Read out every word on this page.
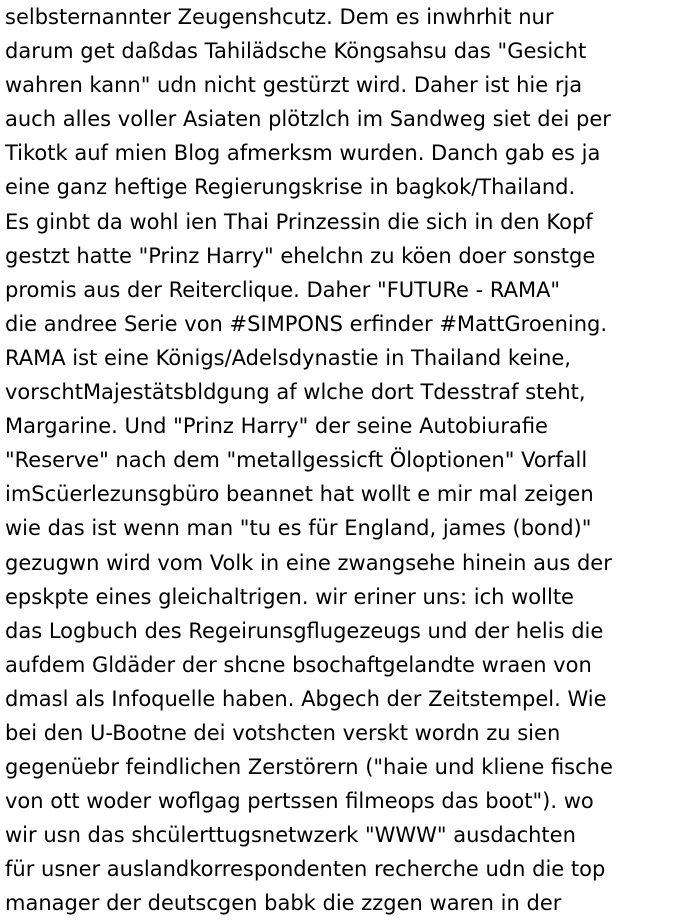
selbsternannter Zeugenshcutz. Dem es inwhrhit nur
darum get daßdas Tahilädsche Köngsahsu das "Gesicht
wahren kann" udn nicht gestürzt wird. Daher ist hie rja
auch alles voller Asiaten plötzlch im Sandweg siet dei per
Tikotk auf mien Blog afmerksm wurden. Danch gab es ja
eine ganz heftige Regierungskrise in bagkok/Thailand.
Es ginbt da wohl ien Thai Prinzessin die sich in den Kopf
gestzt hatte "Prinz Harry" ehelchn zu köen doer sonstge
promis aus der Reiterclique. Daher "FUTURe - RAMA"
die andree Serie von #SIMPONS erfinder #MattGroening.
RAMA ist eine Königs/Adelsdynastie in Thailand keine,
vorschtMajestätsbldgung af wlche dort Tdesstraf steht,
Margarine. Und "Prinz Harry" der seine Autobiurafie
"Reserve" nach dem "metallgessicft Öloptionen" Vorfall
imScüerlezunsgbüro beannet hat wollt e mir mal zeigen
wie das ist wenn man "tu es für England, james (bond)"
gezugwn wird vom Volk in eine zwangsehe hinein aus der
epskpte eines gleichaltrigen. wir eriner uns: ich wollte
das Logbuch des Regeirunsgflugezeugs und der helis die
aufdem Gldäder der shcne bsochaftgelandte wraen von
dmasl als Infoquelle haben. Abgech der Zeitstempel. Wie
bei den U-Bootne dei votshcten verskt wordn zu sien
gegenüebr feindlichen Zerstörern ("haie und kliene fische
von ott woder woflgag pertssen filmeops das boot"). wo
wir usn das shcülerttugsnetwzerk "WWW" ausdachten
für usner auslandkorrespondenten recherche udn die top
manager der deutscgen babk die zzgen waren in der
